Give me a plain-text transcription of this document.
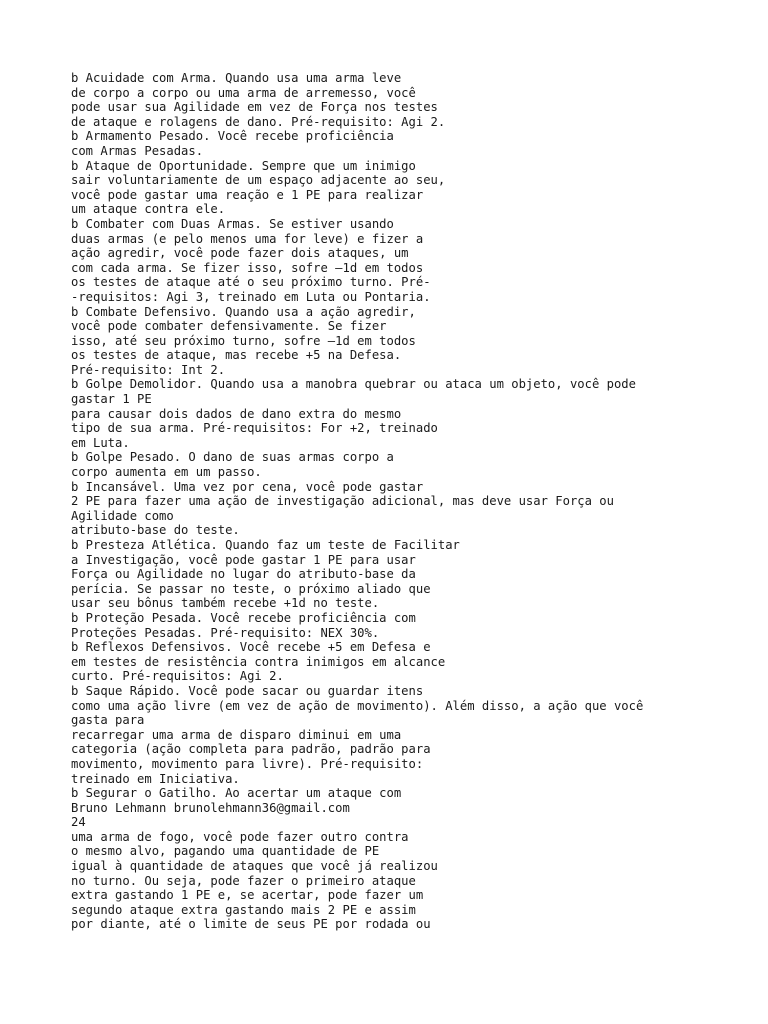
b Acuidade com Arma. Quando usa uma arma leve
de corpo a corpo ou uma arma de arremesso, você
pode usar sua Agilidade em vez de Força nos testes
de ataque e rolagens de dano. Pré-requisito: Agi 2.
b Armamento Pesado. Você recebe proficiência
com Armas Pesadas.
b Ataque de Oportunidade. Sempre que um inimigo
sair voluntariamente de um espaço adjacente ao seu,
você pode gastar uma reação e 1 PE para realizar
um ataque contra ele.
b Combater com Duas Armas. Se estiver usando
duas armas (e pelo menos uma for leve) e fizer a
ação agredir, você pode fazer dois ataques, um
com cada arma. Se fizer isso, sofre –1d em todos
os testes de ataque até o seu próximo turno. Pré-
-requisitos: Agi 3, treinado em Luta ou Pontaria.
b Combate Defensivo. Quando usa a ação agredir,
você pode combater defensivamente. Se fizer
isso, até seu próximo turno, sofre –1d em todos
os testes de ataque, mas recebe +5 na Defesa.
Pré-requisito: Int 2.
b Golpe Demolidor. Quando usa a manobra quebrar ou ataca um objeto, você pode
gastar 1 PE
para causar dois dados de dano extra do mesmo
tipo de sua arma. Pré-requisitos: For +2, treinado
em Luta.
b Golpe Pesado. O dano de suas armas corpo a
corpo aumenta em um passo.
b Incansável. Uma vez por cena, você pode gastar
2 PE para fazer uma ação de investigação adicional, mas deve usar Força ou
Agilidade como
atributo-base do teste.
b Presteza Atlética. Quando faz um teste de Facilitar
a Investigação, você pode gastar 1 PE para usar
Força ou Agilidade no lugar do atributo-base da
perícia. Se passar no teste, o próximo aliado que
usar seu bônus também recebe +1d no teste.
b Proteção Pesada. Você recebe proficiência com
Proteções Pesadas. Pré-requisito: NEX 30%.
b Reflexos Defensivos. Você recebe +5 em Defesa e
em testes de resistência contra inimigos em alcance
curto. Pré-requisitos: Agi 2.
b Saque Rápido. Você pode sacar ou guardar itens
como uma ação livre (em vez de ação de movimento). Além disso, a ação que você
gasta para
recarregar uma arma de disparo diminui em uma
categoria (ação completa para padrão, padrão para
movimento, movimento para livre). Pré-requisito:
treinado em Iniciativa.
b Segurar o Gatilho. Ao acertar um ataque com
Bruno Lehmann brunolehmann36@gmail.com
24
uma arma de fogo, você pode fazer outro contra
o mesmo alvo, pagando uma quantidade de PE
igual à quantidade de ataques que você já realizou
no turno. Ou seja, pode fazer o primeiro ataque
extra gastando 1 PE e, se acertar, pode fazer um
segundo ataque extra gastando mais 2 PE e assim
por diante, até o limite de seus PE por rodada ou
